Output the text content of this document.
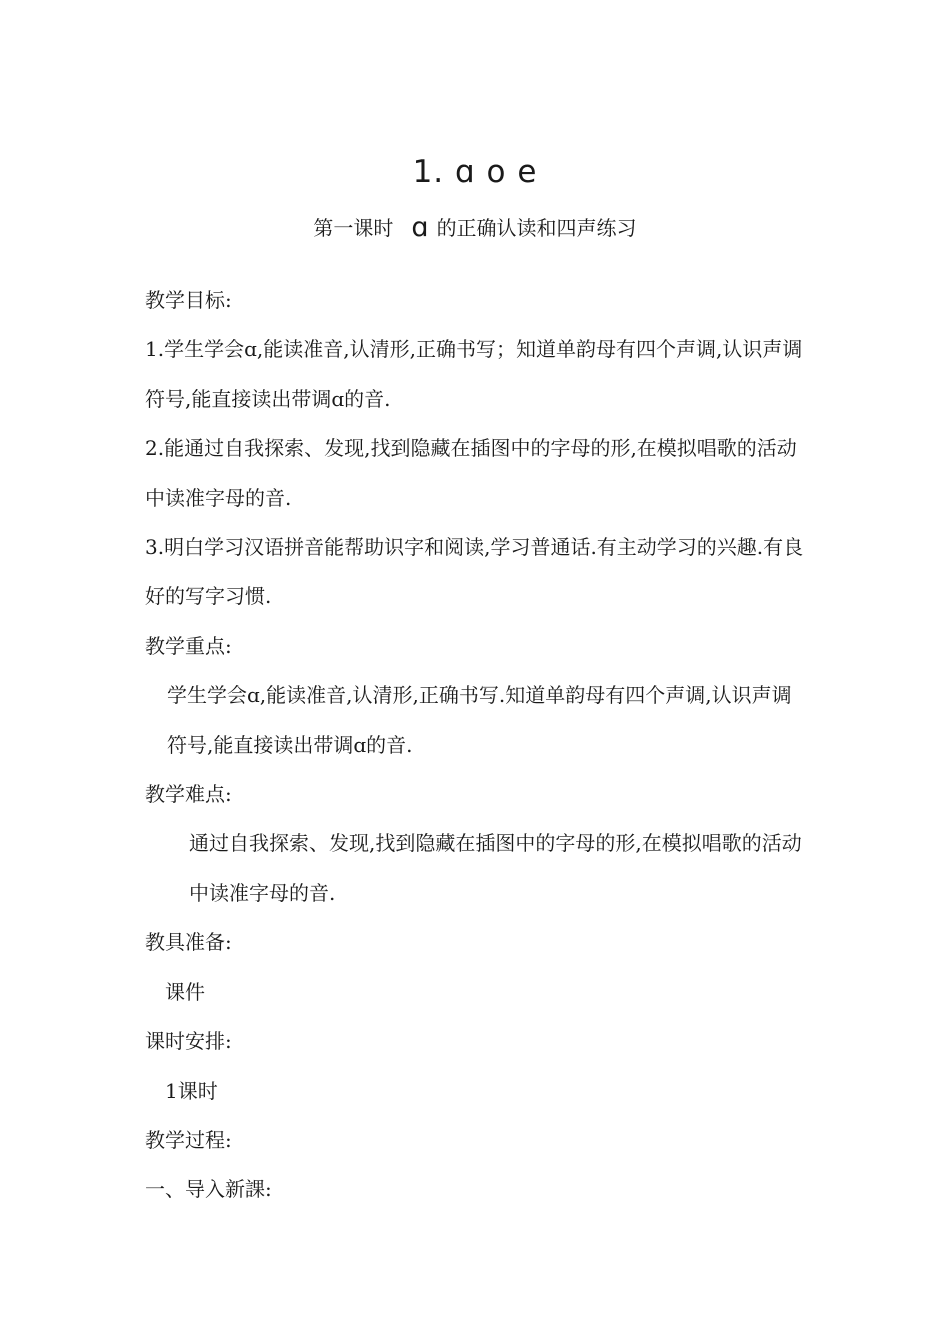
1. ɑ o e
第一课时 ɑ 的正确认读和四声练习

教学目标:

1.学生学会ɑ,能读准音,认清形,正确书写；知道单韵母有四个声调,认识声调符号,能直接读出带调ɑ的音.

2.能通过自我探索、发现,找到隐藏在插图中的字母的形,在模拟唱歌的活动中读准字母的音.

3.明白学习汉语拼音能帮助识字和阅读,学习普通话.有主动学习的兴趣.有良好的写字习惯.

教学重点:

学生学会ɑ,能读准音,认清形,正确书写.知道单韵母有四个声调,认识声调符号,能直接读出带调ɑ的音.

教学难点:

通过自我探索、发现,找到隐藏在插图中的字母的形,在模拟唱歌的活动中读准字母的音.

教具准备:

课件

课时安排:

1课时

教学过程:

一、导入新課:
